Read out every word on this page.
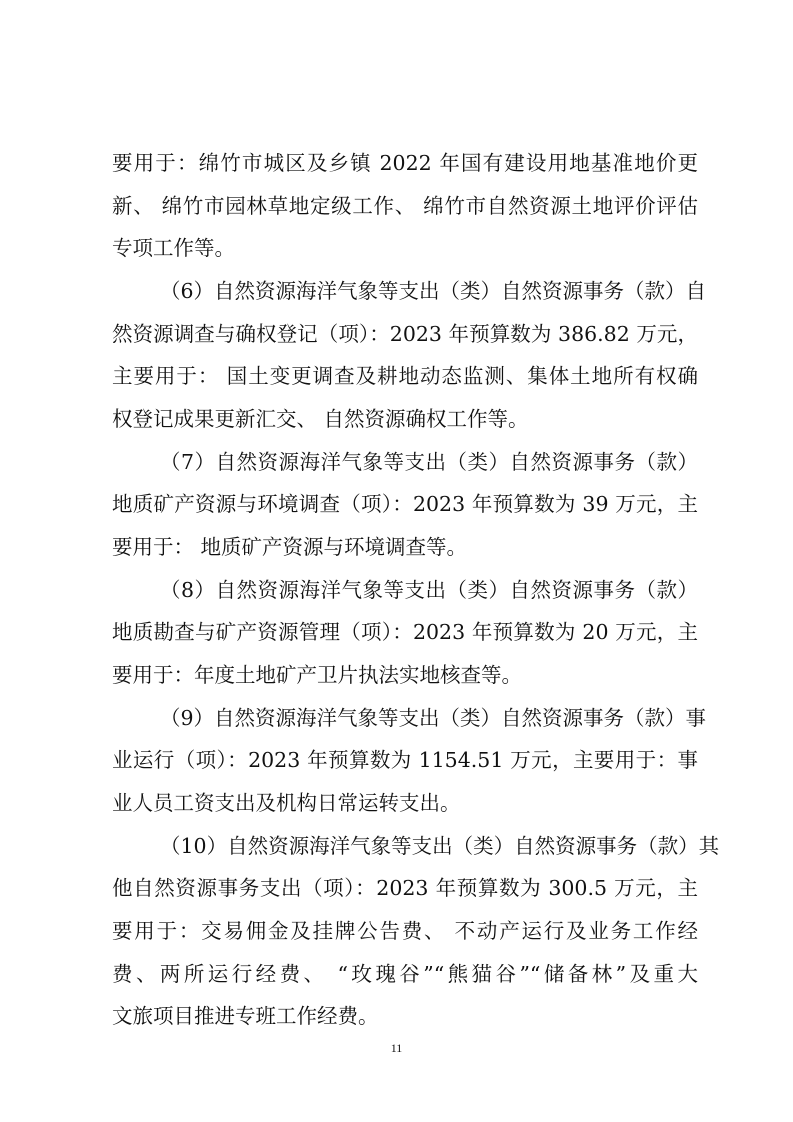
要用于：绵竹市城区及乡镇 2022 年国有建设用地基准地价更
新、 绵竹市园林草地定级工作、 绵竹市自然资源土地评价评估
专项工作等。
（6）自然资源海洋气象等支出（类）自然资源事务（款）自
然资源调查与确权登记（项）：2023 年预算数为 386.82 万元，
主要用于： 国土变更调查及耕地动态监测、集体土地所有权确
权登记成果更新汇交、 自然资源确权工作等。
（7）自然资源海洋气象等支出（类）自然资源事务（款）
地质矿产资源与环境调查（项）：2023 年预算数为 39 万元，主
要用于： 地质矿产资源与环境调查等。
（8）自然资源海洋气象等支出（类）自然资源事务（款）
地质勘查与矿产资源管理（项）：2023 年预算数为 20 万元，主
要用于：年度土地矿产卫片执法实地核查等。
（9）自然资源海洋气象等支出（类）自然资源事务（款）事
业运行（项）：2023 年预算数为 1154.51 万元，主要用于：事
业人员工资支出及机构日常运转支出。
（10）自然资源海洋气象等支出（类）自然资源事务（款）其
他自然资源事务支出（项）：2023 年预算数为 300.5 万元，主
要用于：交易佣金及挂牌公告费、 不动产运行及业务工作经
费、两所运行经费、 “玫瑰谷”“熊猫谷”“储备林”及重大
文旅项目推进专班工作经费。
11
